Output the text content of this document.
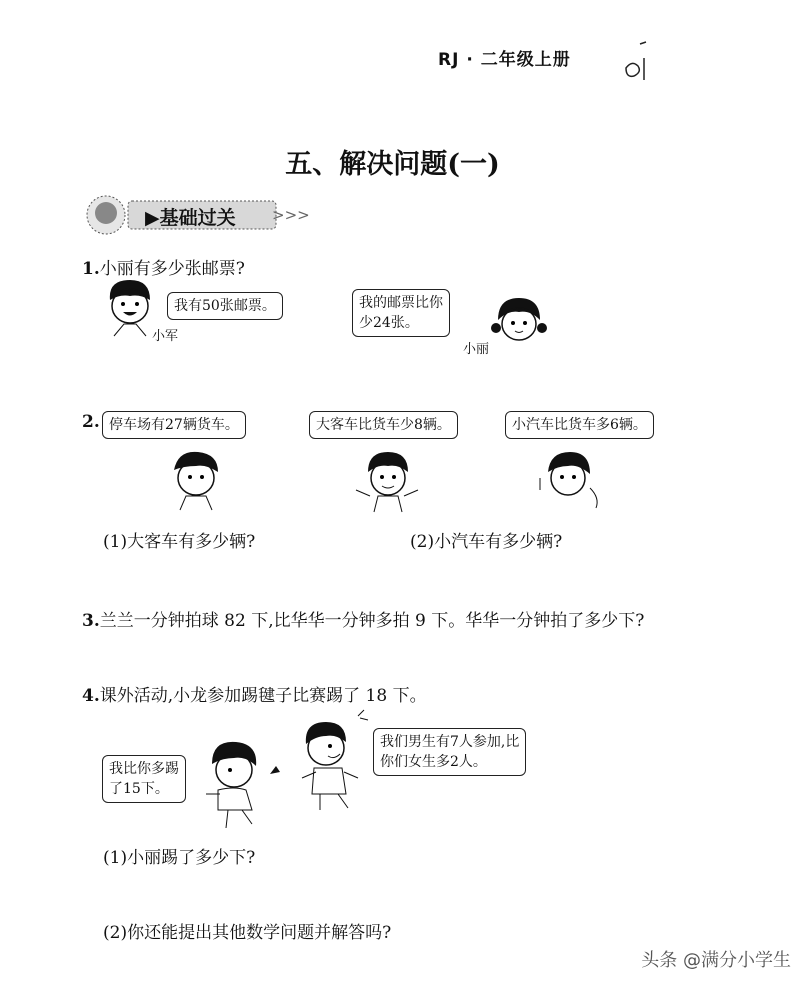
RJ · 二年级上册
五、解决问题(一)
▶基础过关 >>>
1.小丽有多少张邮票?
我有50张邮票。
小军
我的邮票比你
少24张。
小丽
2. 停车场有27辆货车。	大客车比货车少8辆。	小汽车比货车多6辆。
(1)大客车有多少辆?	(2)小汽车有多少辆?
3.兰兰一分钟拍球 82 下,比华华一分钟多拍 9 下。华华一分钟拍了多少下?
4.课外活动,小龙参加踢毽子比赛踢了 18 下。
我比你多踢
了15下。
我们男生有7人参加,比
你们女生多2人。
(1)小丽踢了多少下?
(2)你还能提出其他数学问题并解答吗?
头条 @满分小学生
